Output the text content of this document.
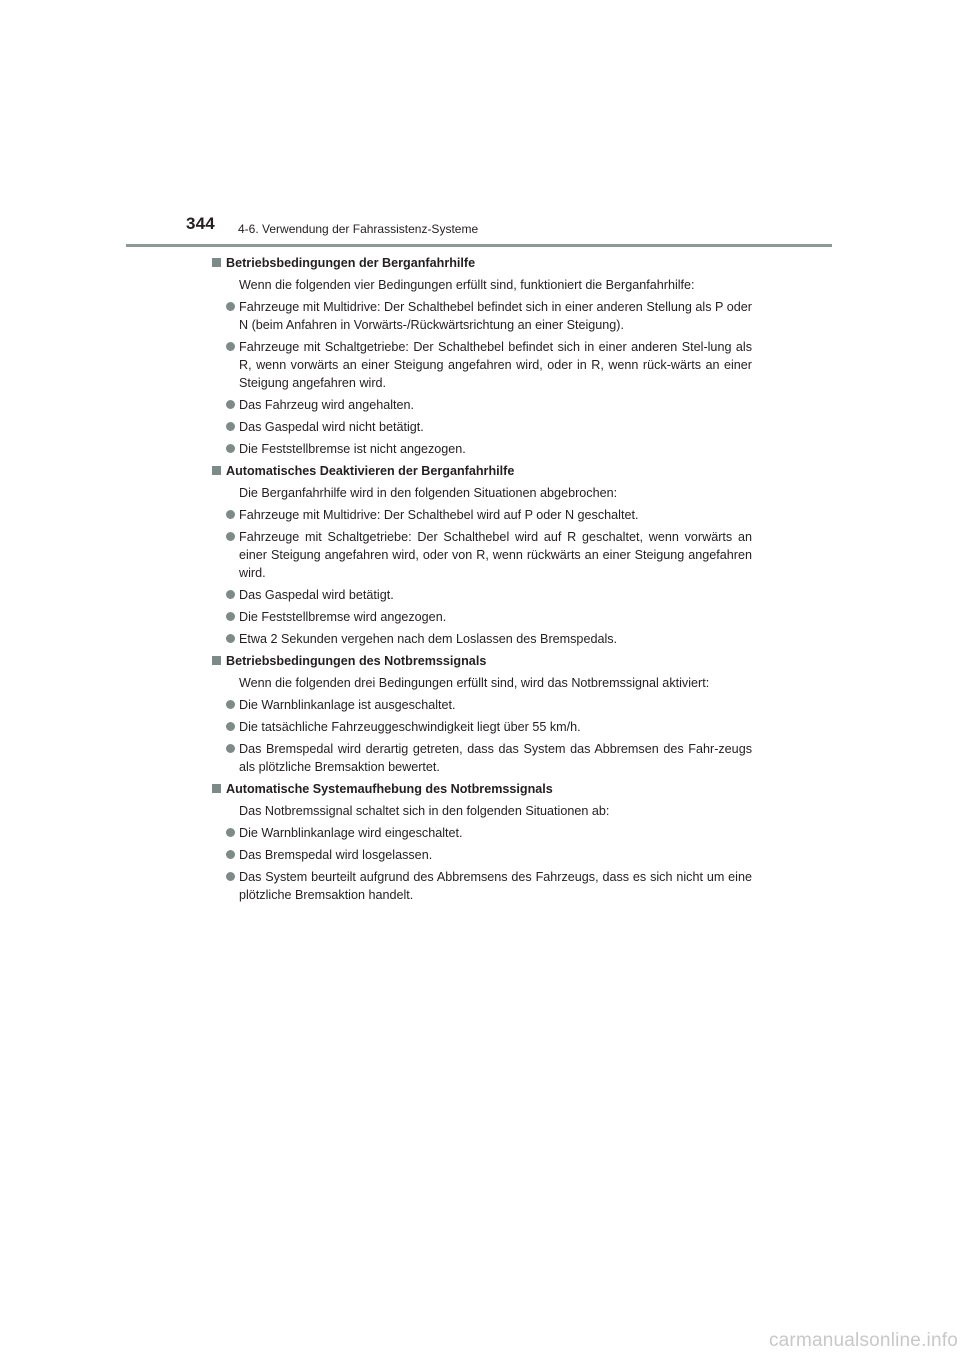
344 4-6. Verwendung der Fahrassistenz-Systeme
Betriebsbedingungen der Berganfahrhilfe
Wenn die folgenden vier Bedingungen erfüllt sind, funktioniert die Berganfahrhilfe:
Fahrzeuge mit Multidrive: Der Schalthebel befindet sich in einer anderen Stellung als P oder N (beim Anfahren in Vorwärts-/Rückwärtsrichtung an einer Steigung).
Fahrzeuge mit Schaltgetriebe: Der Schalthebel befindet sich in einer anderen Stel-lung als R, wenn vorwärts an einer Steigung angefahren wird, oder in R, wenn rück-wärts an einer Steigung angefahren wird.
Das Fahrzeug wird angehalten.
Das Gaspedal wird nicht betätigt.
Die Feststellbremse ist nicht angezogen.
Automatisches Deaktivieren der Berganfahrhilfe
Die Berganfahrhilfe wird in den folgenden Situationen abgebrochen:
Fahrzeuge mit Multidrive: Der Schalthebel wird auf P oder N geschaltet.
Fahrzeuge mit Schaltgetriebe: Der Schalthebel wird auf R geschaltet, wenn vorwärts an einer Steigung angefahren wird, oder von R, wenn rückwärts an einer Steigung angefahren wird.
Das Gaspedal wird betätigt.
Die Feststellbremse wird angezogen.
Etwa 2 Sekunden vergehen nach dem Loslassen des Bremspedals.
Betriebsbedingungen des Notbremssignals
Wenn die folgenden drei Bedingungen erfüllt sind, wird das Notbremssignal aktiviert:
Die Warnblinkanlage ist ausgeschaltet.
Die tatsächliche Fahrzeuggeschwindigkeit liegt über 55 km/h.
Das Bremspedal wird derartig getreten, dass das System das Abbremsen des Fahr-zeugs als plötzliche Bremsaktion bewertet.
Automatische Systemaufhebung des Notbremssignals
Das Notbremssignal schaltet sich in den folgenden Situationen ab:
Die Warnblinkanlage wird eingeschaltet.
Das Bremspedal wird losgelassen.
Das System beurteilt aufgrund des Abbremsens des Fahrzeugs, dass es sich nicht um eine plötzliche Bremsaktion handelt.
carmanualsonline.info
